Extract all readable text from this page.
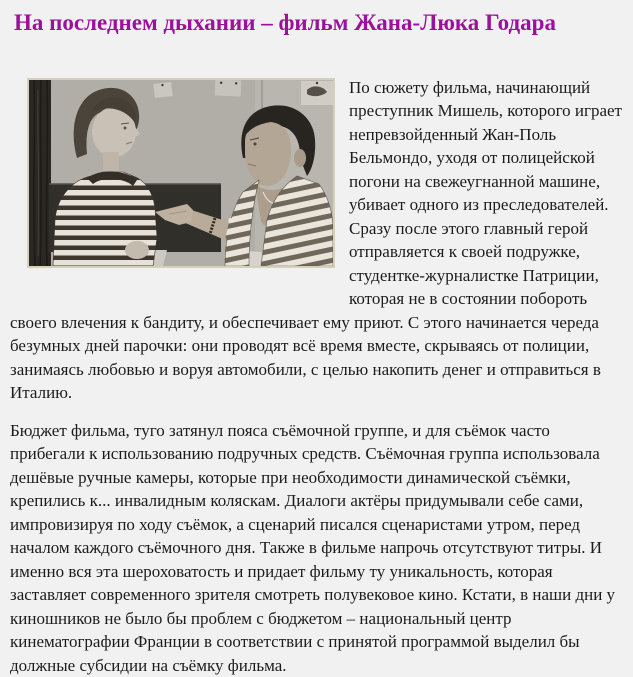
На последнем дыхании – фильм Жана-Люка Годара

По сюжету фильма, начинающий преступник Мишель, которого играет непревзойденный Жан-Поль Бельмондо, уходя от полицейской погони на свежеугнанной машине, убивает одного из преследователей. Сразу после этого главный герой отправляется к своей подружке, студентке-журналистке Патриции, которая не в состоянии побороть своего влечения к бандиту, и обеспечивает ему приют. С этого начинается череда безумных дней парочки: они проводят всё время вместе, скрываясь от полиции, занимаясь любовью и воруя автомобили, с целью накопить денег и отправиться в Италию.

Бюджет фильма, туго затянул пояса съёмочной группе, и для съёмок часто прибегали к использованию подручных средств. Съёмочная группа использовала дешёвые ручные камеры, которые при необходимости динамической съёмки, крепились к... инвалидным коляскам. Диалоги актёры придумывали себе сами, импровизируя по ходу съёмок, а сценарий писался сценаристами утром, перед началом каждого съёмочного дня. Также в фильме напрочь отсутствуют титры. И именно вся эта шероховатость и придает фильму ту уникальность, которая заставляет современного зрителя смотреть полувековое кино. Кстати, в наши дни у киношников не было бы проблем с бюджетом – национальный центр кинематографии Франции в соответствии с принятой программой выделил бы должные субсидии на съёмку фильма.
